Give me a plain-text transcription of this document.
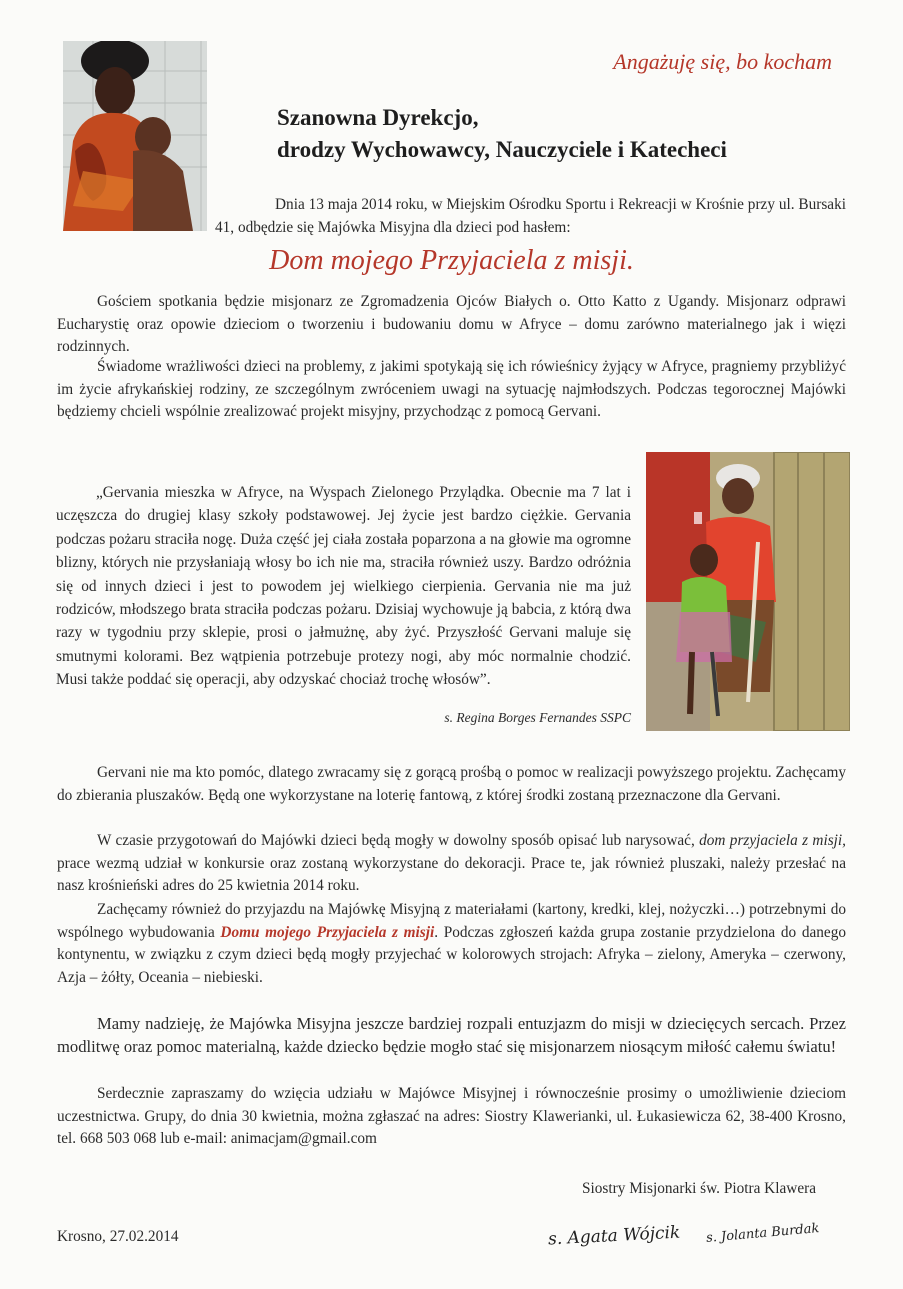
Angażuję się, bo kocham
Szanowna Dyrekcjo,
drodzy Wychowawcy, Nauczyciele i Katecheci

Dnia 13 maja 2014 roku, w Miejskim Ośrodku Sportu i Rekreacji w Krośnie przy ul. Bursaki 41, odbędzie się Majówka Misyjna dla dzieci pod hasłem:

Dom mojego Przyjaciela z misji.

Gościem spotkania będzie misjonarz ze Zgromadzenia Ojców Białych o. Otto Katto z Ugandy. Misjonarz odprawi Eucharystię oraz opowie dzieciom o tworzeniu i budowaniu domu w Afryce – domu zarówno materialnego jak i więzi rodzinnych.

Świadome wrażliwości dzieci na problemy, z jakimi spotykają się ich rówieśnicy żyjący w Afryce, pragniemy przybliżyć im życie afrykańskiej rodziny, ze szczególnym zwróceniem uwagi na sytuację najmłodszych. Podczas tegorocznej Majówki będziemy chcieli wspólnie zrealizować projekt misyjny, przychodząc z pomocą Gervani.

„Gervania mieszka w Afryce, na Wyspach Zielonego Przylądka. Obecnie ma 7 lat i uczęszcza do drugiej klasy szkoły podstawowej. Jej życie jest bardzo ciężkie. Gervania podczas pożaru straciła nogę. Duża część jej ciała została poparzona a na głowie ma ogromne blizny, których nie przysłaniają włosy bo ich nie ma, straciła również uszy. Bardzo odróżnia się od innych dzieci i jest to powodem jej wielkiego cierpienia. Gervania nie ma już rodziców, młodszego brata straciła podczas pożaru. Dzisiaj wychowuje ją babcia, z którą dwa razy w tygodniu przy sklepie, prosi o jałmużnę, aby żyć. Przyszłość Gervani maluje się smutnymi kolorami. Bez wątpienia potrzebuje protezy nogi, aby móc normalnie chodzić. Musi także poddać się operacji, aby odzyskać chociaż trochę włosów”.

s. Regina Borges Fernandes SSPC

Gervani nie ma kto pomóc, dlatego zwracamy się z gorącą prośbą o pomoc w realizacji powyższego projektu. Zachęcamy do zbierania pluszaków. Będą one wykorzystane na loterię fantową, z której środki zostaną przeznaczone dla Gervani.

W czasie przygotowań do Majówki dzieci będą mogły w dowolny sposób opisać lub narysować, dom przyjaciela z misji, prace wezmą udział w konkursie oraz zostaną wykorzystane do dekoracji. Prace te, jak również pluszaki, należy przesłać na nasz krośnieński adres do 25 kwietnia 2014 roku.

Zachęcamy również do przyjazdu na Majówkę Misyjną z materiałami (kartony, kredki, klej, nożyczki…) potrzebnymi do wspólnego wybudowania Domu mojego Przyjaciela z misji. Podczas zgłoszeń każda grupa zostanie przydzielona do danego kontynentu, w związku z czym dzieci będą mogły przyjechać w kolorowych strojach: Afryka – zielony, Ameryka – czerwony, Azja – żółty, Oceania – niebieski.

Mamy nadzieję, że Majówka Misyjna jeszcze bardziej rozpali entuzjazm do misji w dziecięcych sercach. Przez modlitwę oraz pomoc materialną, każde dziecko będzie mogło stać się misjonarzem niosącym miłość całemu światu!

Serdecznie zapraszamy do wzięcia udziału w Majówce Misyjnej i równocześnie prosimy o umożliwienie dzieciom uczestnictwa. Grupy, do dnia 30 kwietnia, można zgłaszać na adres: Siostry Klawerianki, ul. Łukasiewicza 62, 38-400 Krosno, tel. 668 503 068 lub e-mail: animacjam@gmail.com

Siostry Misjonarki św. Piotra Klawera
Krosno, 27.02.2014	s. Agata Wójcik s. Jolanta Burdak
